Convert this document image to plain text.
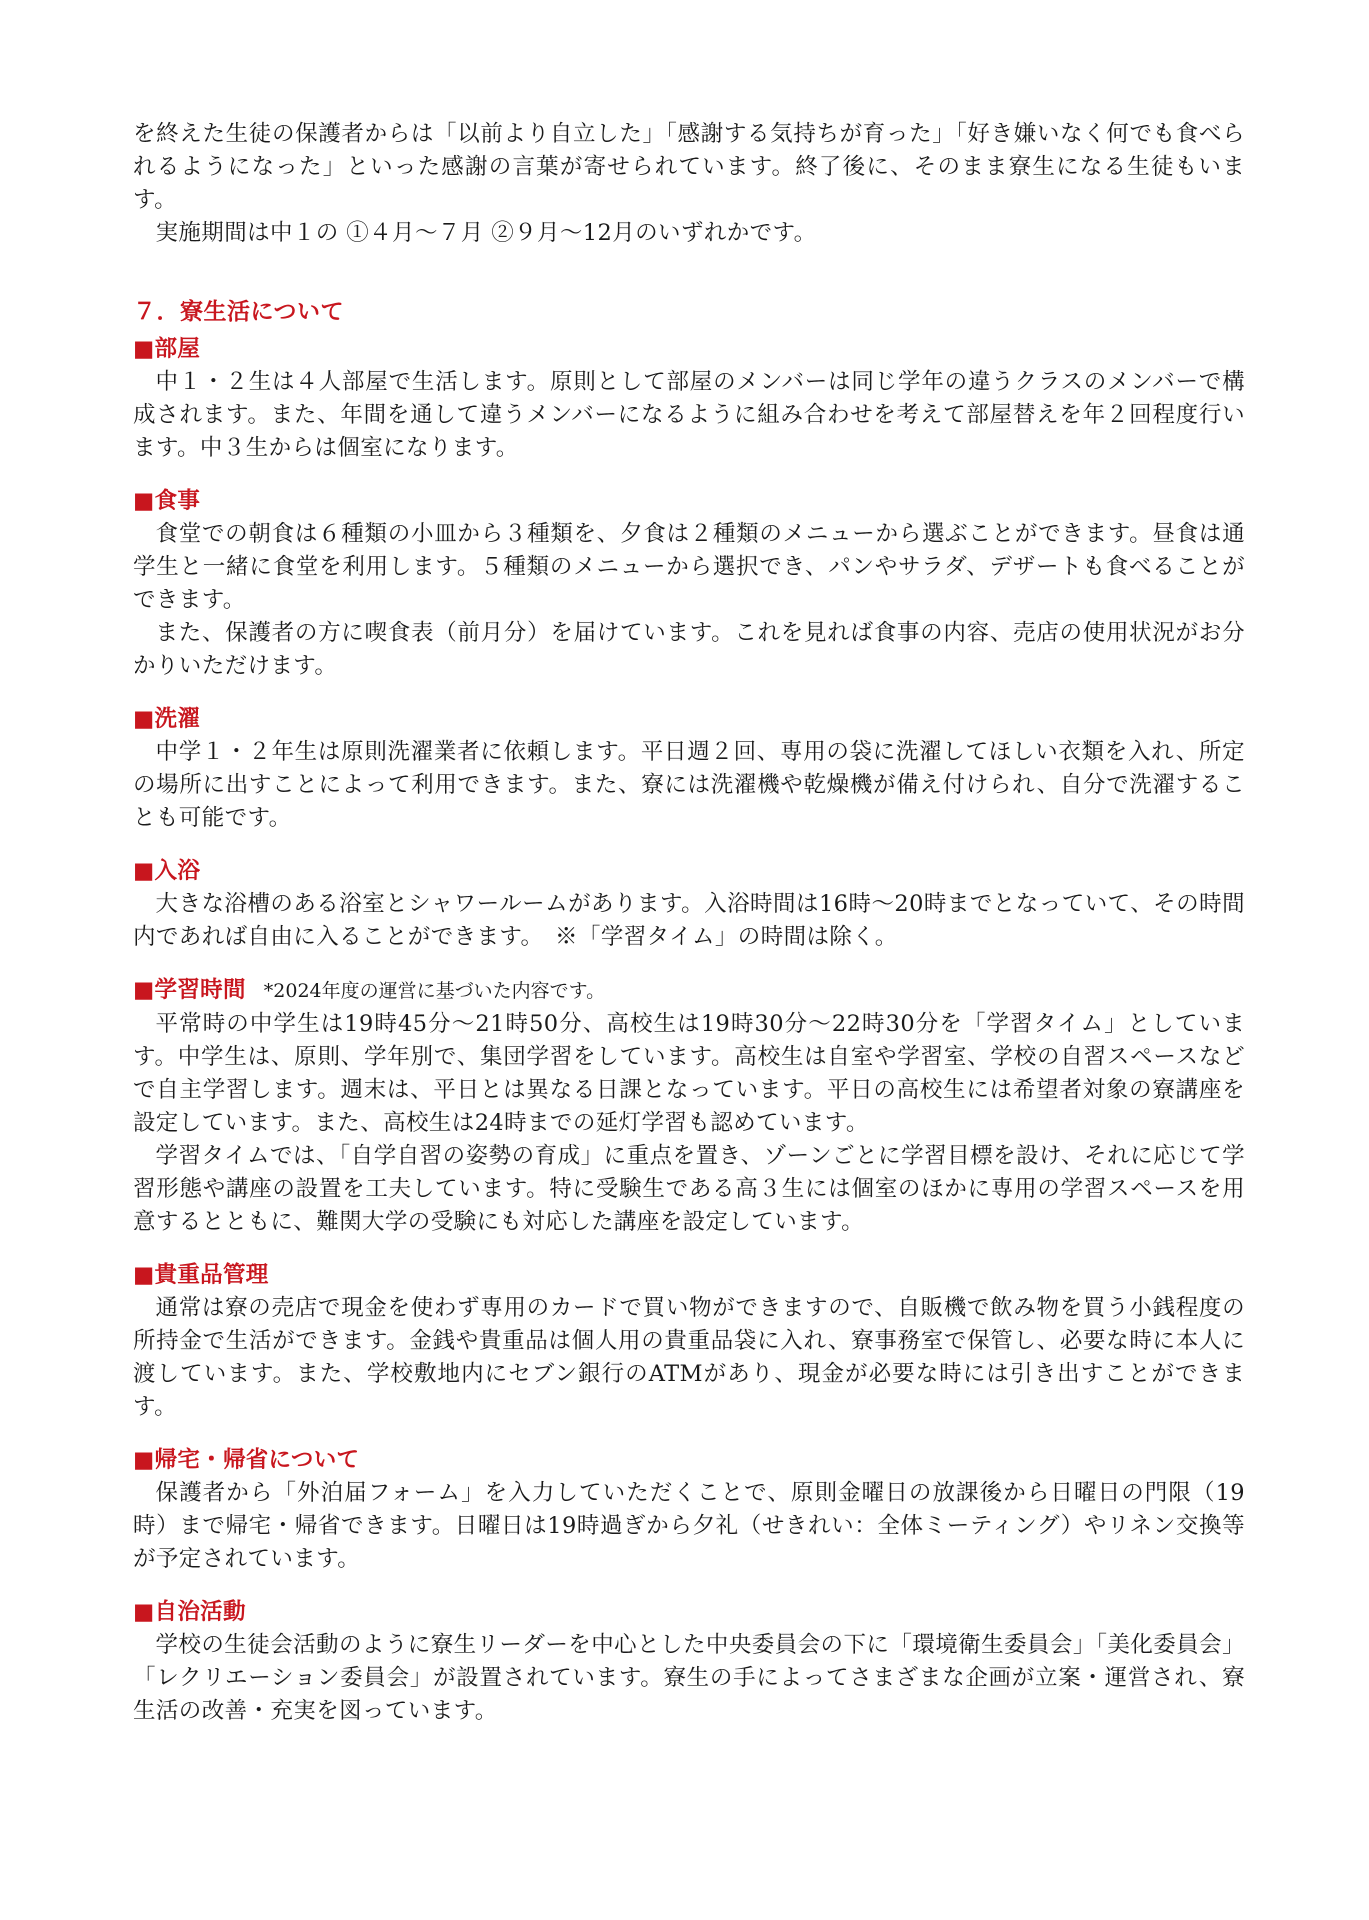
を終えた生徒の保護者からは「以前より自立した」「感謝する気持ちが育った」「好き嫌いなく何でも食べられるようになった」といった感謝の言葉が寄せられています。終了後に、そのまま寮生になる生徒もいます。

実施期間は中１の ①４月～７月 ②９月～12月のいずれかです。

７．寮生活について
■部屋

中１・２生は４人部屋で生活します。原則として部屋のメンバーは同じ学年の違うクラスのメンバーで構成されます。また、年間を通して違うメンバーになるように組み合わせを考えて部屋替えを年２回程度行います。中３生からは個室になります。

■食事

食堂での朝食は６種類の小皿から３種類を、夕食は２種類のメニューから選ぶことができます。昼食は通学生と一緒に食堂を利用します。５種類のメニューから選択でき、パンやサラダ、デザートも食べることができます。

また、保護者の方に喫食表（前月分）を届けています。これを見れば食事の内容、売店の使用状況がお分かりいただけます。

■洗濯

中学１・２年生は原則洗濯業者に依頼します。平日週２回、専用の袋に洗濯してほしい衣類を入れ、所定の場所に出すことによって利用できます。また、寮には洗濯機や乾燥機が備え付けられ、自分で洗濯することも可能です。

■入浴

大きな浴槽のある浴室とシャワールームがあります。入浴時間は16時～20時までとなっていて、その時間内であれば自由に入ることができます。　※「学習タイム」の時間は除く。

■学習時間 *2024年度の運営に基づいた内容です。

平常時の中学生は19時45分～21時50分、高校生は19時30分～22時30分を「学習タイム」としています。中学生は、原則、学年別で、集団学習をしています。高校生は自室や学習室、学校の自習スペースなどで自主学習します。週末は、平日とは異なる日課となっています。平日の高校生には希望者対象の寮講座を設定しています。また、高校生は24時までの延灯学習も認めています。

学習タイムでは、「自学自習の姿勢の育成」に重点を置き、ゾーンごとに学習目標を設け、それに応じて学習形態や講座の設置を工夫しています。特に受験生である高３生には個室のほかに専用の学習スペースを用意するとともに、難関大学の受験にも対応した講座を設定しています。

■貴重品管理

通常は寮の売店で現金を使わず専用のカードで買い物ができますので、自販機で飲み物を買う小銭程度の所持金で生活ができます。金銭や貴重品は個人用の貴重品袋に入れ、寮事務室で保管し、必要な時に本人に渡しています。また、学校敷地内にセブン銀行のATMがあり、現金が必要な時には引き出すことができます。

■帰宅・帰省について

保護者から「外泊届フォーム」を入力していただくことで、原則金曜日の放課後から日曜日の門限（19時）まで帰宅・帰省できます。日曜日は19時過ぎから夕礼（せきれい：全体ミーティング）やリネン交換等が予定されています。

■自治活動

学校の生徒会活動のように寮生リーダーを中心とした中央委員会の下に「環境衛生委員会」「美化委員会」「レクリエーション委員会」が設置されています。寮生の手によってさまざまな企画が立案・運営され、寮生活の改善・充実を図っています。
